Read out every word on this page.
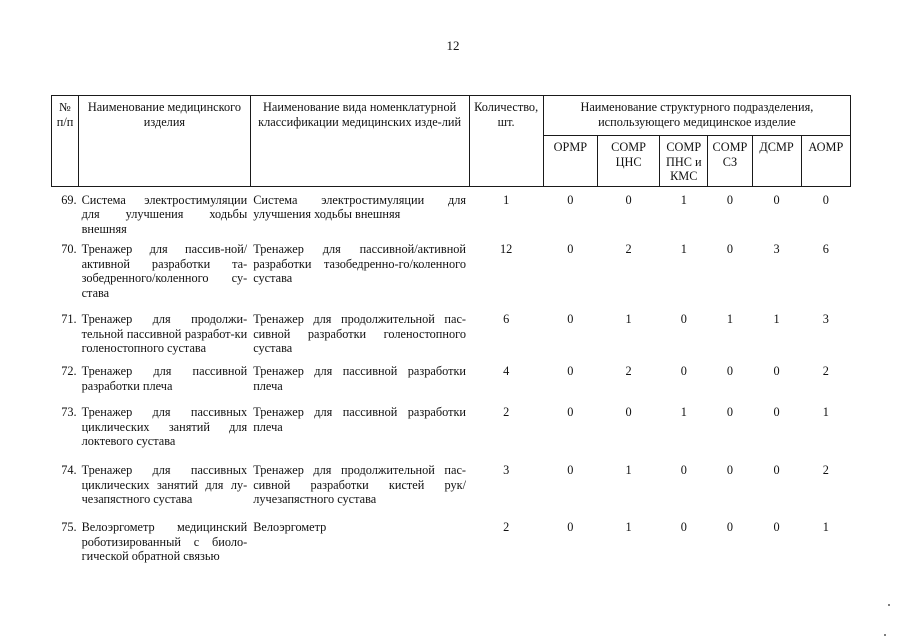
12
№ п/п	Наименование медицинского изделия	Наименование вида номенклатурной классификации медицинских изде-лий	Количество, шт.	Наименование структурного подразделения, использующего медицинское изделие					
				ОРМР	СОМР ЦНС	СОМР ПНС и КМС	СОМР СЗ	ДСМР	АОМР
69.	Система электростимуляции для улучшения ходьбы внешняя	Система электростимуляции для улучшения ходьбы внешняя	1	0	0	1	0	0	0
70.	Тренажер для пассив-ной/активной разработки та-зобедренного/коленного су-става	Тренажер для пассивной/активной разработки тазобедренно-го/коленного сустава	12	0	2	1	0	3	6
71.	Тренажер для продолжи-тельной пассивной разработ-ки голеностопного сустава	Тренажер для продолжительной пас-сивной разработки голеностопного сустава	6	0	1	0	1	1	3
72.	Тренажер для пассивной разработки плеча	Тренажер для пассивной разработки плеча	4	0	2	0	0	0	2
73.	Тренажер для пассивных циклических занятий для локтевого сустава	Тренажер для пассивной разработки плеча	2	0	0	1	0	0	1
74.	Тренажер для пассивных циклических занятий для лу-чезапястного сустава	Тренажер для продолжительной пас-сивной разработки кистей рук/лучезапястного сустава	3	0	1	0	0	0	2
75.	Велоэргометр медицинский роботизированный с биоло-гической обратной связью	Велоэргометр	2	0	1	0	0	0	1
